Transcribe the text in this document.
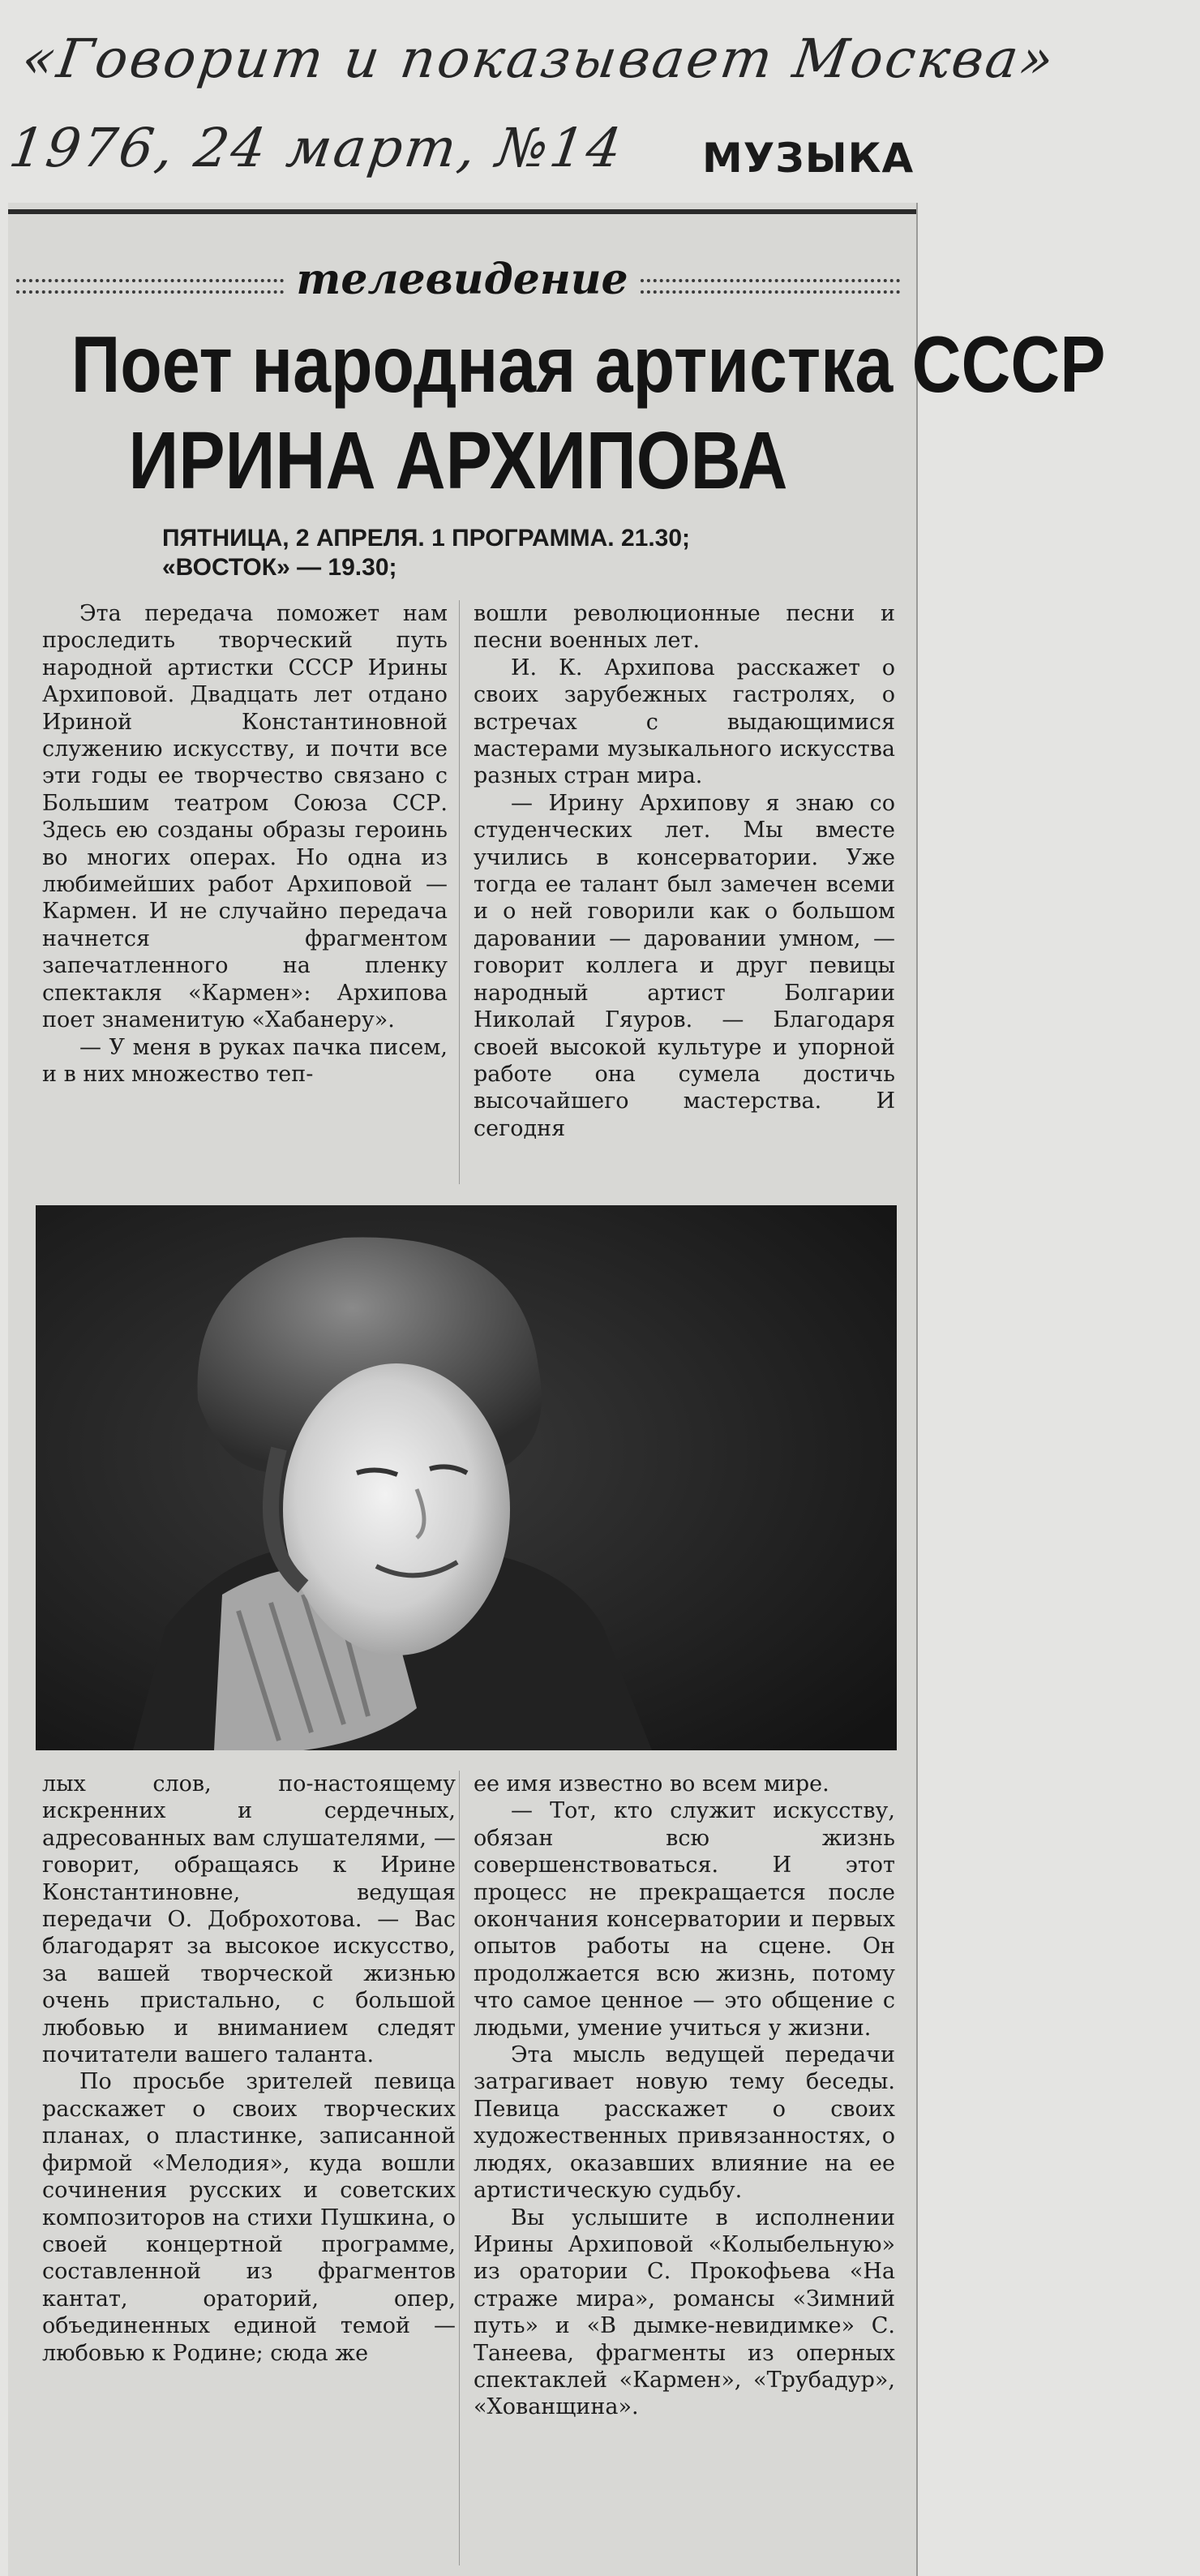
«Говорит и показывает Москва»
1976, 24 март, №14	МУЗЫКА
телевидение
Поет народная артистка СССР
ИРИНА АРХИПОВА
ПЯТНИЦА, 2 АПРЕЛЯ. 1 ПРОГРАММА. 21.30;
«ВОСТОК» — 19.30;

Эта передача поможет нам проследить творческий путь народной артистки СССР Ирины Архиповой. Двадцать лет отдано Ириной Константиновной служению искусству, и почти все эти годы ее творчество связано с Большим театром Союза ССР. Здесь ею созданы образы героинь во многих операх. Но одна из любимейших работ Архиповой — Кармен. И не случайно передача начнется фрагментом запечатленного на пленку спектакля «Кармен»: Архипова поет знаменитую «Хабанеру».

— У меня в руках пачка писем, и в них множество теп-

вошли революционные песни и песни военных лет.

И. К. Архипова расскажет о своих зарубежных гастролях, о встречах с выдающимися мастерами музыкального искусства разных стран мира.

— Ирину Архипову я знаю со студенческих лет. Мы вместе учились в консерватории. Уже тогда ее талант был замечен всеми и о ней говорили как о большом даровании — даровании умном, — говорит коллега и друг певицы народный артист Болгарии Николай Гяуров. — Благодаря своей высокой культуре и упорной работе она сумела достичь высочайшего мастерства. И сегодня

лых слов, по-настоящему искренних и сердечных, адресованных вам слушателями, — говорит, обращаясь к Ирине Константиновне, ведущая передачи О. Доброхотова. — Вас благодарят за высокое искусство, за вашей творческой жизнью очень пристально, с большой любовью и вниманием следят почитатели вашего таланта.

По просьбе зрителей певица расскажет о своих творческих планах, о пластинке, записанной фирмой «Мелодия», куда вошли сочинения русских и советских композиторов на стихи Пушкина, о своей концертной программе, составленной из фрагментов кантат, ораторий, опер, объединенных единой темой — любовью к Родине; сюда же

ее имя известно во всем мире.

— Тот, кто служит искусству, обязан всю жизнь совершенствоваться. И этот процесс не прекращается после окончания консерватории и первых опытов работы на сцене. Он продолжается всю жизнь, потому что самое ценное — это общение с людьми, умение учиться у жизни.

Эта мысль ведущей передачи затрагивает новую тему беседы. Певица расскажет о своих художественных привязанностях, о людях, оказавших влияние на ее артистическую судьбу.

Вы услышите в исполнении Ирины Архиповой «Колыбельную» из оратории С. Прокофьева «На страже мира», романсы «Зимний путь» и «В дымке-невидимке» С. Танеева, фрагменты из оперных спектаклей «Кармен», «Трубадур», «Хованщина».
